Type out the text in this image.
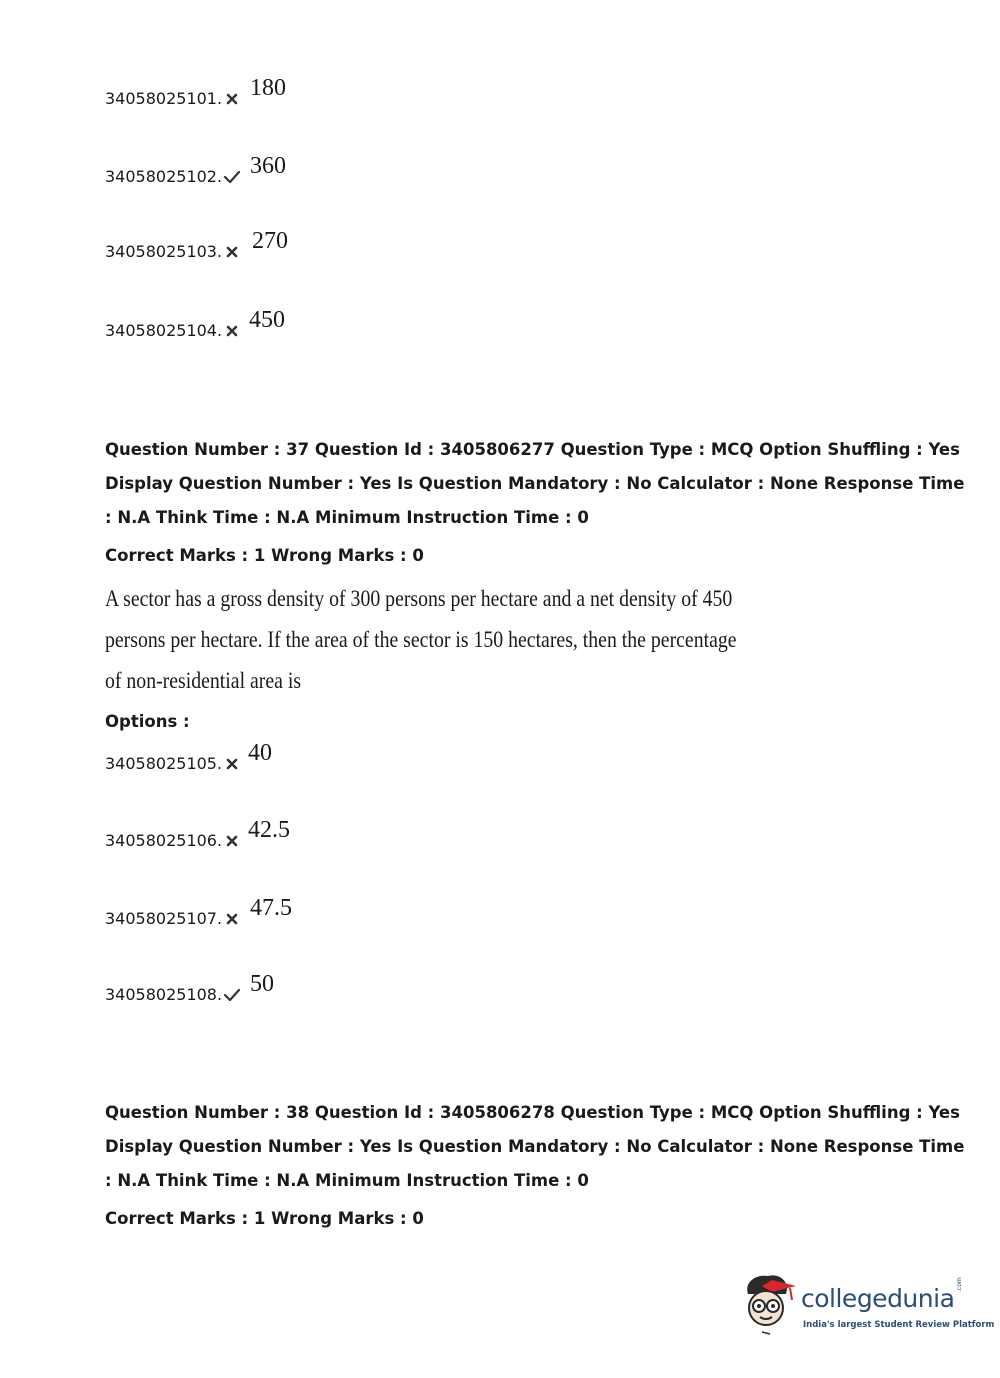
34058025101. 180
34058025102. 360
34058025103. 270
34058025104. 450
Question Number : 37 Question Id : 3405806277 Question Type : MCQ Option Shuffling : Yes
Display Question Number : Yes Is Question Mandatory : No Calculator : None Response Time
: N.A Think Time : N.A Minimum Instruction Time : 0
Correct Marks : 1 Wrong Marks : 0
A sector has a gross density of 300 persons per hectare and a net density of 450
persons per hectare. If the area of the sector is 150 hectares, then the percentage
of non-residential area is
Options :
34058025105. 40
34058025106. 42.5
34058025107. 47.5
34058025108. 50
Question Number : 38 Question Id : 3405806278 Question Type : MCQ Option Shuffling : Yes
Display Question Number : Yes Is Question Mandatory : No Calculator : None Response Time
: N.A Think Time : N.A Minimum Instruction Time : 0
Correct Marks : 1 Wrong Marks : 0
collegedunia .com
India's largest Student Review Platform
